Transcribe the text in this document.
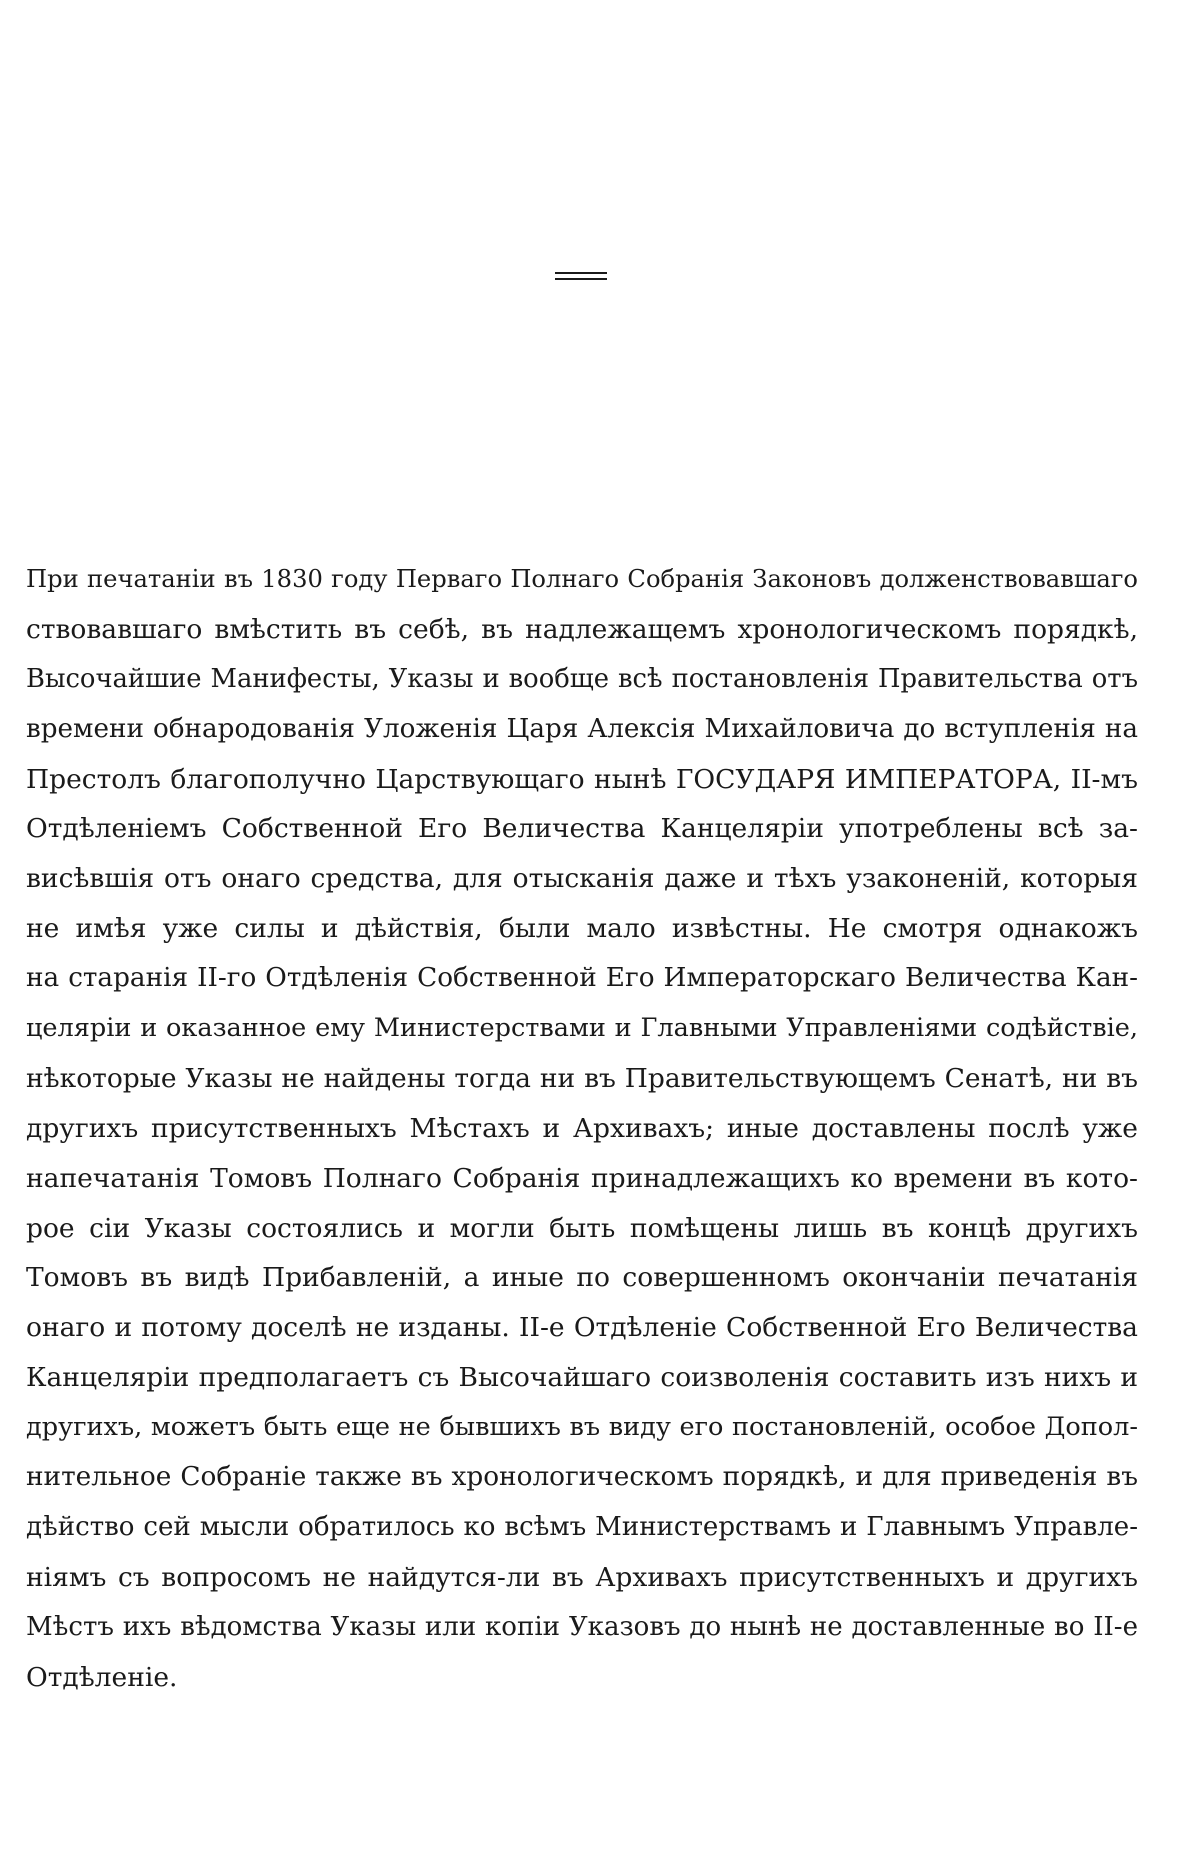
При печатаніи въ 1830 году Перваго Полнаго Собранія Законовъ долженствовавшаго
ствовавшаго вмѣстить въ себѣ, въ надлежащемъ хронологическомъ порядкѣ,
Высочайшие Манифесты, Указы и вообще всѣ постановленія Правительства отъ
времени обнародованія Уложенія Царя Алексія Михайловича до вступленія на
Престолъ благополучно Царствующаго нынѣ ГОСУДАРЯ ИМПЕРАТОРА, II-мъ
Отдѣленіемъ Собственной Его Величества Канцеляріи употреблены всѣ за-
висѣвшія отъ онаго средства, для отысканія даже и тѣхъ узаконеній, которыя
не имѣя уже силы и дѣйствія, были мало извѣстны. Не смотря однакожъ
на старанія II-го Отдѣленія Собственной Его Императорскаго Величества Кан-
целяріи и оказанное ему Министерствами и Главными Управленіями содѣйствіе,
нѣкоторые Указы не найдены тогда ни въ Правительствующемъ Сенатѣ, ни въ
другихъ присутственныхъ Мѣстахъ и Архивахъ; иные доставлены послѣ уже
напечатанія Томовъ Полнаго Собранія принадлежащихъ ко времени въ кото-
рое сіи Указы состоялись и могли быть помѣщены лишь въ концѣ другихъ
Томовъ въ видѣ Прибавленій, а иные по совершенномъ окончаніи печатанія
онаго и потому доселѣ не изданы. II-е Отдѣленіе Собственной Его Величества
Канцеляріи предполагаетъ съ Высочайшаго соизволенія составить изъ нихъ и
другихъ, можетъ быть еще не бывшихъ въ виду его постановленій, особое Допол-
нительное Собраніе также въ хронологическомъ порядкѣ, и для приведенія въ
дѣйство сей мысли обратилось ко всѣмъ Министерствамъ и Главнымъ Управле-
ніямъ съ вопросомъ не найдутся-ли въ Архивахъ присутственныхъ и другихъ
Мѣстъ ихъ вѣдомства Указы или копіи Указовъ до нынѣ не доставленные во II-е
Отдѣленіе.
